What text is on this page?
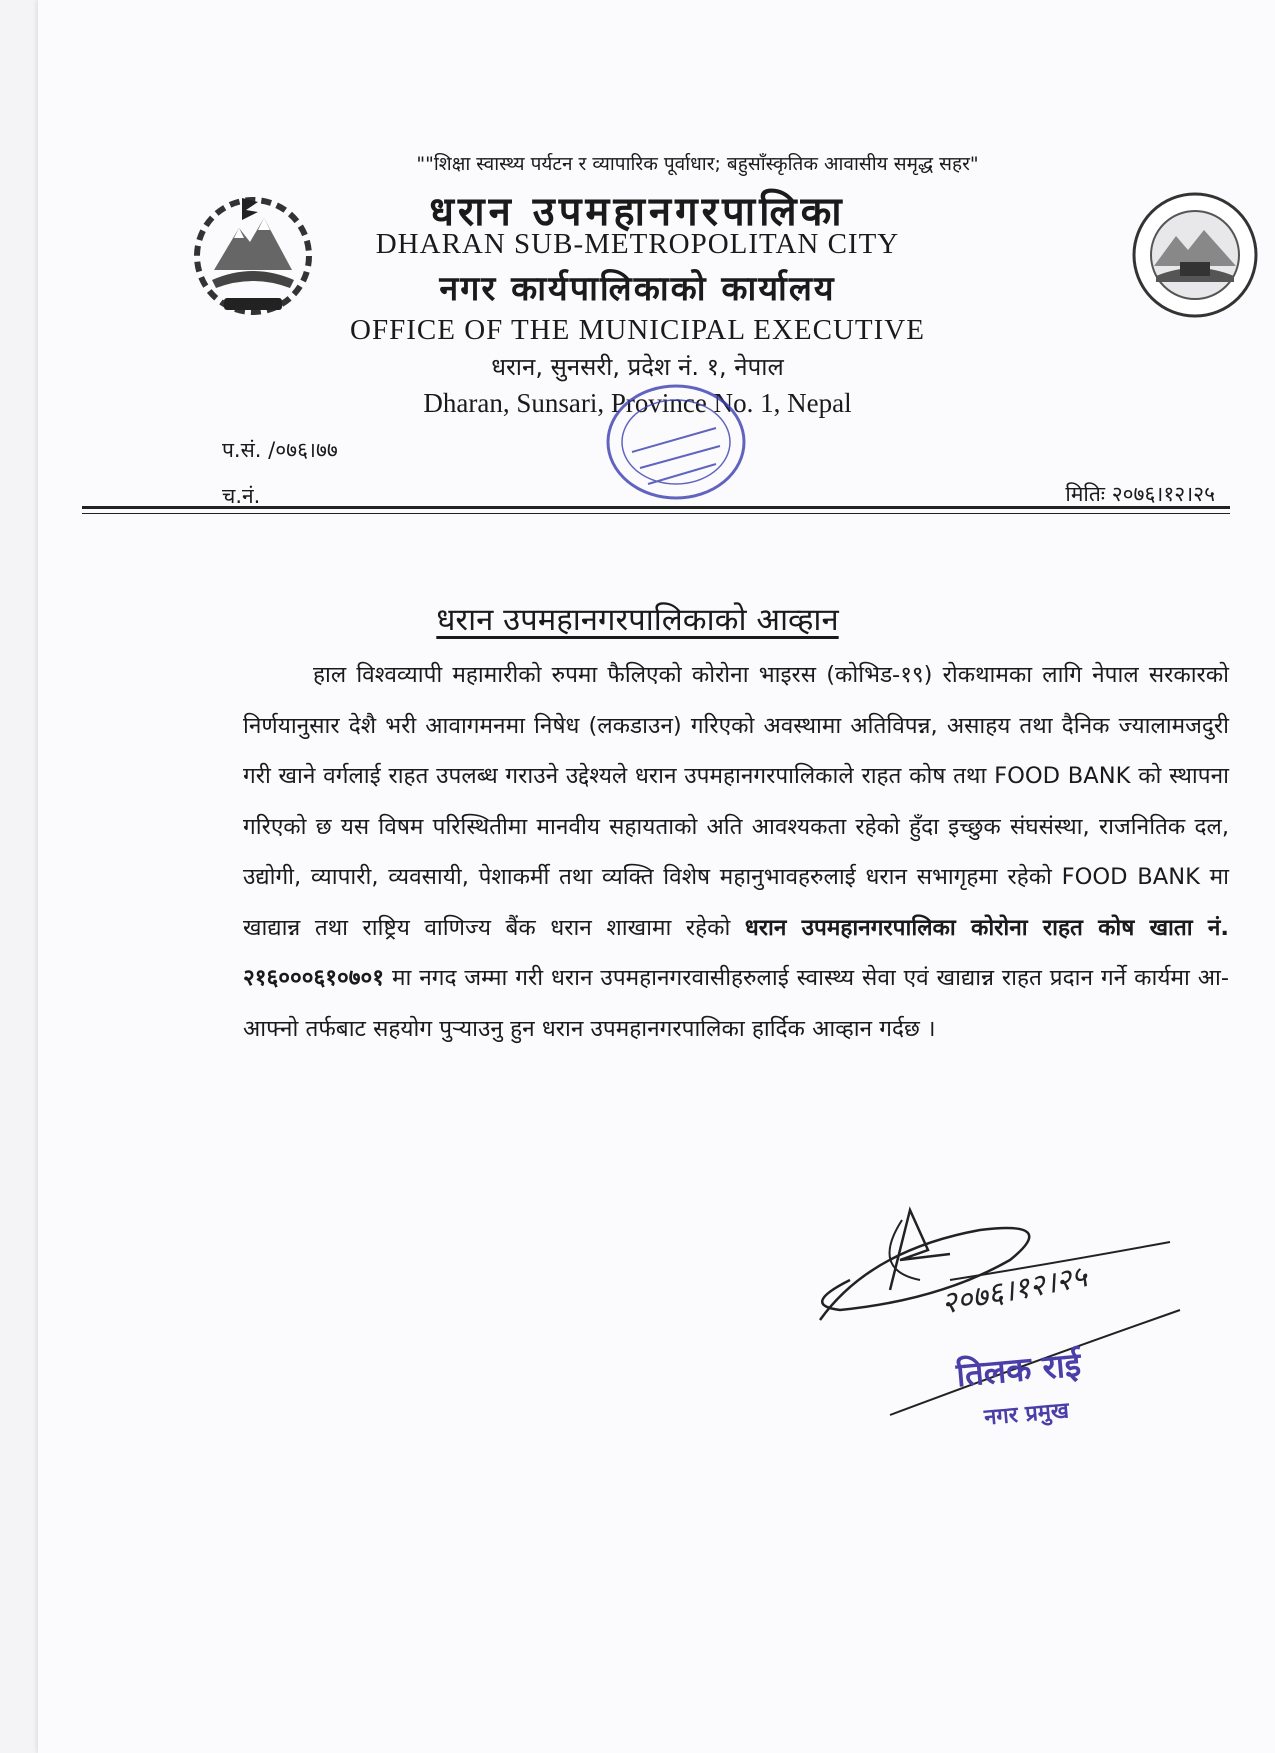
""शिक्षा स्वास्थ्य पर्यटन र व्यापारिक पूर्वाधार; बहुसाँस्कृतिक आवासीय समृद्ध सहर"
धरान उपमहानगरपालिका
DHARAN SUB-METROPOLITAN CITY
नगर कार्यपालिकाको कार्यालय
OFFICE OF THE MUNICIPAL EXECUTIVE
धरान, सुनसरी, प्रदेश नं. १, नेपाल
Dharan, Sunsari, Province No. 1, Nepal
प.सं. /०७६।७७
च.नं.	मितिः २०७६।१२।२५
धरान उपमहानगरपालिकाको आव्हान
हाल विश्वव्यापी महामारीको रुपमा फैलिएको कोरोना भाइरस (कोभिड-१९) रोकथामका लागि नेपाल सरकारको निर्णयानुसार देशै भरी आवागमनमा निषेध (लकडाउन) गरिएको अवस्थामा अतिविपन्न, असाहय तथा दैनिक ज्यालामजदुरी गरी खाने वर्गलाई राहत उपलब्ध गराउने उद्देश्यले धरान उपमहानगरपालिकाले राहत कोष तथा FOOD BANK को स्थापना गरिएको छ यस विषम परिस्थितीमा मानवीय सहायताको अति आवश्यकता रहेको हुँदा इच्छुक संघसंस्था, राजनितिक दल, उद्योगी, व्यापारी, व्यवसायी, पेशाकर्मी तथा व्यक्ति विशेष महानुभावहरुलाई धरान सभागृहमा रहेको FOOD BANK मा खाद्यान्न तथा राष्ट्रिय वाणिज्य बैंक धरान शाखामा रहेको धरान उपमहानगरपालिका कोरोना राहत कोष खाता नं. २१६०००६१०७०१ मा नगद जम्मा गरी धरान उपमहानगरवासीहरुलाई स्वास्थ्य सेवा एवं खाद्यान्न राहत प्रदान गर्ने कार्यमा आ-आफ्नो तर्फबाट सहयोग पुऱ्याउनु हुन धरान उपमहानगरपालिका हार्दिक आव्हान गर्दछ ।
२०७६।१२।२५
तिलक राई
नगर प्रमुख
